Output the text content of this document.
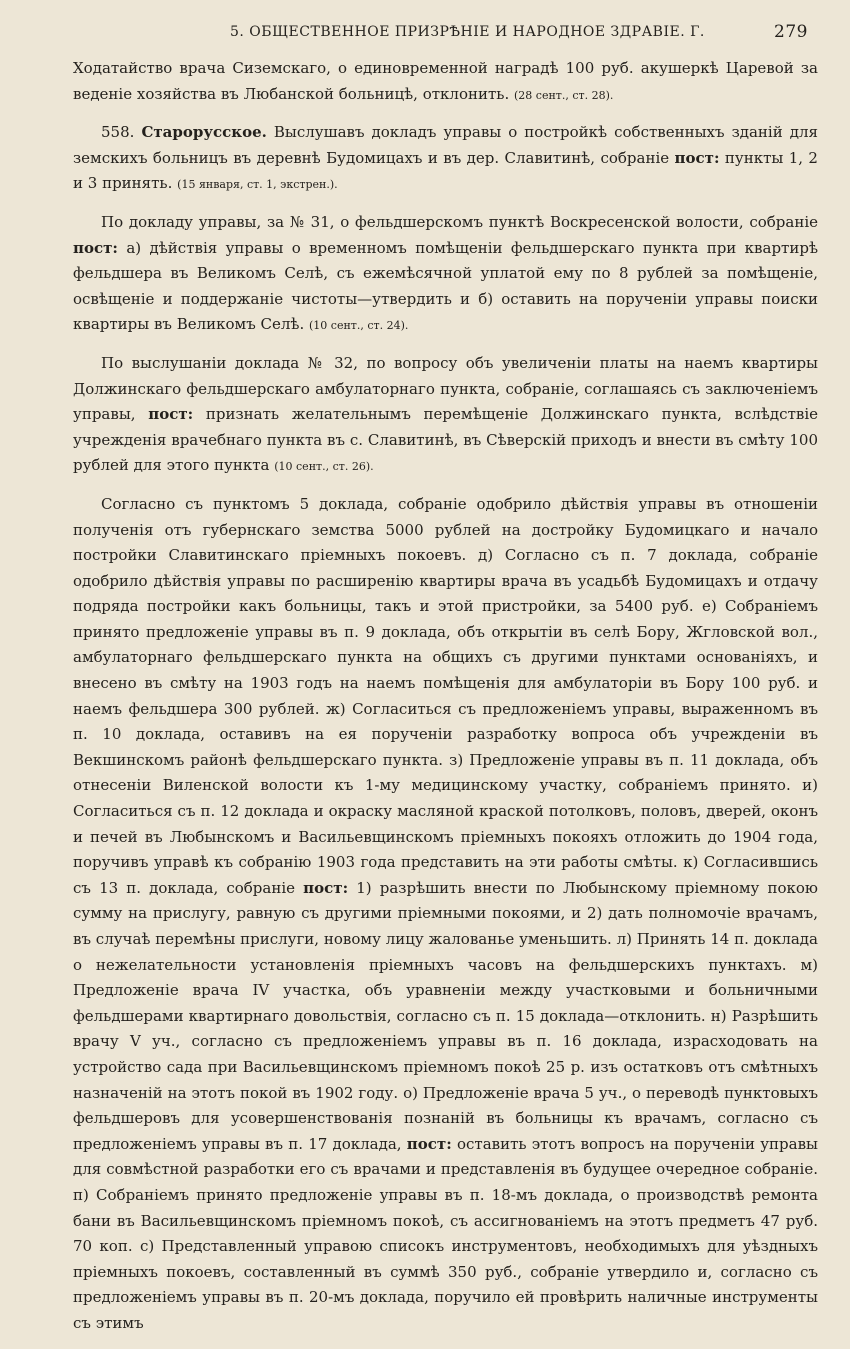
5. ОБЩЕСТВЕННОЕ ПРИЗРѢНІЕ И НАРОДНОЕ ЗДРАВІЕ. Г.	279

Ходатайство врача Сиземскаго, о единовременной наградѣ 100 руб. акушеркѣ Царевой за веденіе хозяйства въ Любанской больницѣ, отклонить. (28 сент., ст. 28).

558. Старорусское. Выслушавъ докладъ управы о постройкѣ собственныхъ зданій для земскихъ больницъ въ деревнѣ Будомицахъ и въ дер. Славитинѣ, собраніе пост: пункты 1, 2 и 3 принять. (15 января, ст. 1, экстрен.).

По докладу управы, за № 31, о фельдшерскомъ пунктѣ Воскресенской волости, собраніе пост: а) дѣйствія управы о временномъ помѣщеніи фельдшерскаго пункта при квартирѣ фельдшера въ Великомъ Селѣ, съ ежемѣсячной уплатой ему по 8 рублей за помѣщеніе, освѣщеніе и поддержаніе чистоты—утвердить и б) оставить на порученіи управы поиски квартиры въ Великомъ Селѣ. (10 сент., ст. 24).

По выслушаніи доклада № 32, по вопросу объ увеличеніи платы на наемъ квартиры Должинскаго фельдшерскаго амбулаторнаго пункта, собраніе, соглашаясь съ заключеніемъ управы, пост: признать желательнымъ перемѣщеніе Должинскаго пункта, вслѣдствіе учрежденія врачебнаго пункта въ с. Славитинѣ, въ Сѣверскій приходъ и внести въ смѣту 100 рублей для этого пункта (10 сент., ст. 26).

Согласно съ пунктомъ 5 доклада, собраніе одобрило дѣйствія управы въ отношеніи полученія отъ губернскаго земства 5000 рублей на достройку Будомицкаго и начало постройки Славитинскаго пріемныхъ покоевъ. д) Согласно съ п. 7 доклада, собраніе одобрило дѣйствія управы по расширенію квартиры врача въ усадьбѣ Будомицахъ и отдачу подряда постройки какъ больницы, такъ и этой пристройки, за 5400 руб. е) Собраніемъ принято предложеніе управы въ п. 9 доклада, объ открытіи въ селѣ Бору, Жгловской вол., амбулаторнаго фельдшерскаго пункта на общихъ съ другими пунктами основаніяхъ, и внесено въ смѣту на 1903 годъ на наемъ помѣщенія для амбулаторіи въ Бору 100 руб. и наемъ фельдшера 300 рублей. ж) Согласиться съ предложеніемъ управы, выраженномъ въ п. 10 доклада, оставивъ на ея порученіи разработку вопроса объ учрежденіи въ Векшинскомъ районѣ фельдшерскаго пункта. з) Предложеніе управы въ п. 11 доклада, объ отнесеніи Виленской волости къ 1-му медицинскому участку, собраніемъ принято. и) Согласиться съ п. 12 доклада и окраску масляной краской потолковъ, половъ, дверей, оконъ и печей въ Любынскомъ и Васильевщинскомъ пріемныхъ покояхъ отложить до 1904 года, поручивъ управѣ къ собранію 1903 года представить на эти работы смѣты. к) Согласившись съ 13 п. доклада, собраніе пост: 1) разрѣшить внести по Любынскому пріемному покою сумму на прислугу, равную съ другими пріемными покоями, и 2) дать полномочіе врачамъ, въ случаѣ перемѣны прислуги, новому лицу жалованье уменьшить. л) Принять 14 п. доклада о нежелательности установленія пріемныхъ часовъ на фельдшерскихъ пунктахъ. м) Предложеніе врача IV участка, объ уравненіи между участковыми и больничными фельдшерами квартирнаго довольствія, согласно съ п. 15 доклада—отклонить. н) Разрѣшить врачу V уч., согласно съ предложеніемъ управы въ п. 16 доклада, израсходовать на устройство сада при Васильевщинскомъ пріемномъ покоѣ 25 р. изъ остатковъ отъ смѣтныхъ назначеній на этотъ покой въ 1902 году. о) Предложеніе врача 5 уч., о переводѣ пунктовыхъ фельдшеровъ для усовершенствованія познаній въ больницы къ врачамъ, согласно съ предложеніемъ управы въ п. 17 доклада, пост: оставить этотъ вопросъ на порученіи управы для совмѣстной разработки его съ врачами и представленія въ будущее очередное собраніе. п) Собраніемъ принято предложеніе управы въ п. 18-мъ доклада, о производствѣ ремонта бани въ Васильевщинскомъ пріемномъ покоѣ, съ ассигнованіемъ на этотъ предметъ 47 руб. 70 коп. с) Представленный управою списокъ инструментовъ, необходимыхъ для уѣздныхъ пріемныхъ покоевъ, составленный въ суммѣ 350 руб., собраніе утвердило и, согласно съ предложеніемъ управы въ п. 20-мъ доклада, поручило ей провѣрить наличные инструменты съ этимъ
